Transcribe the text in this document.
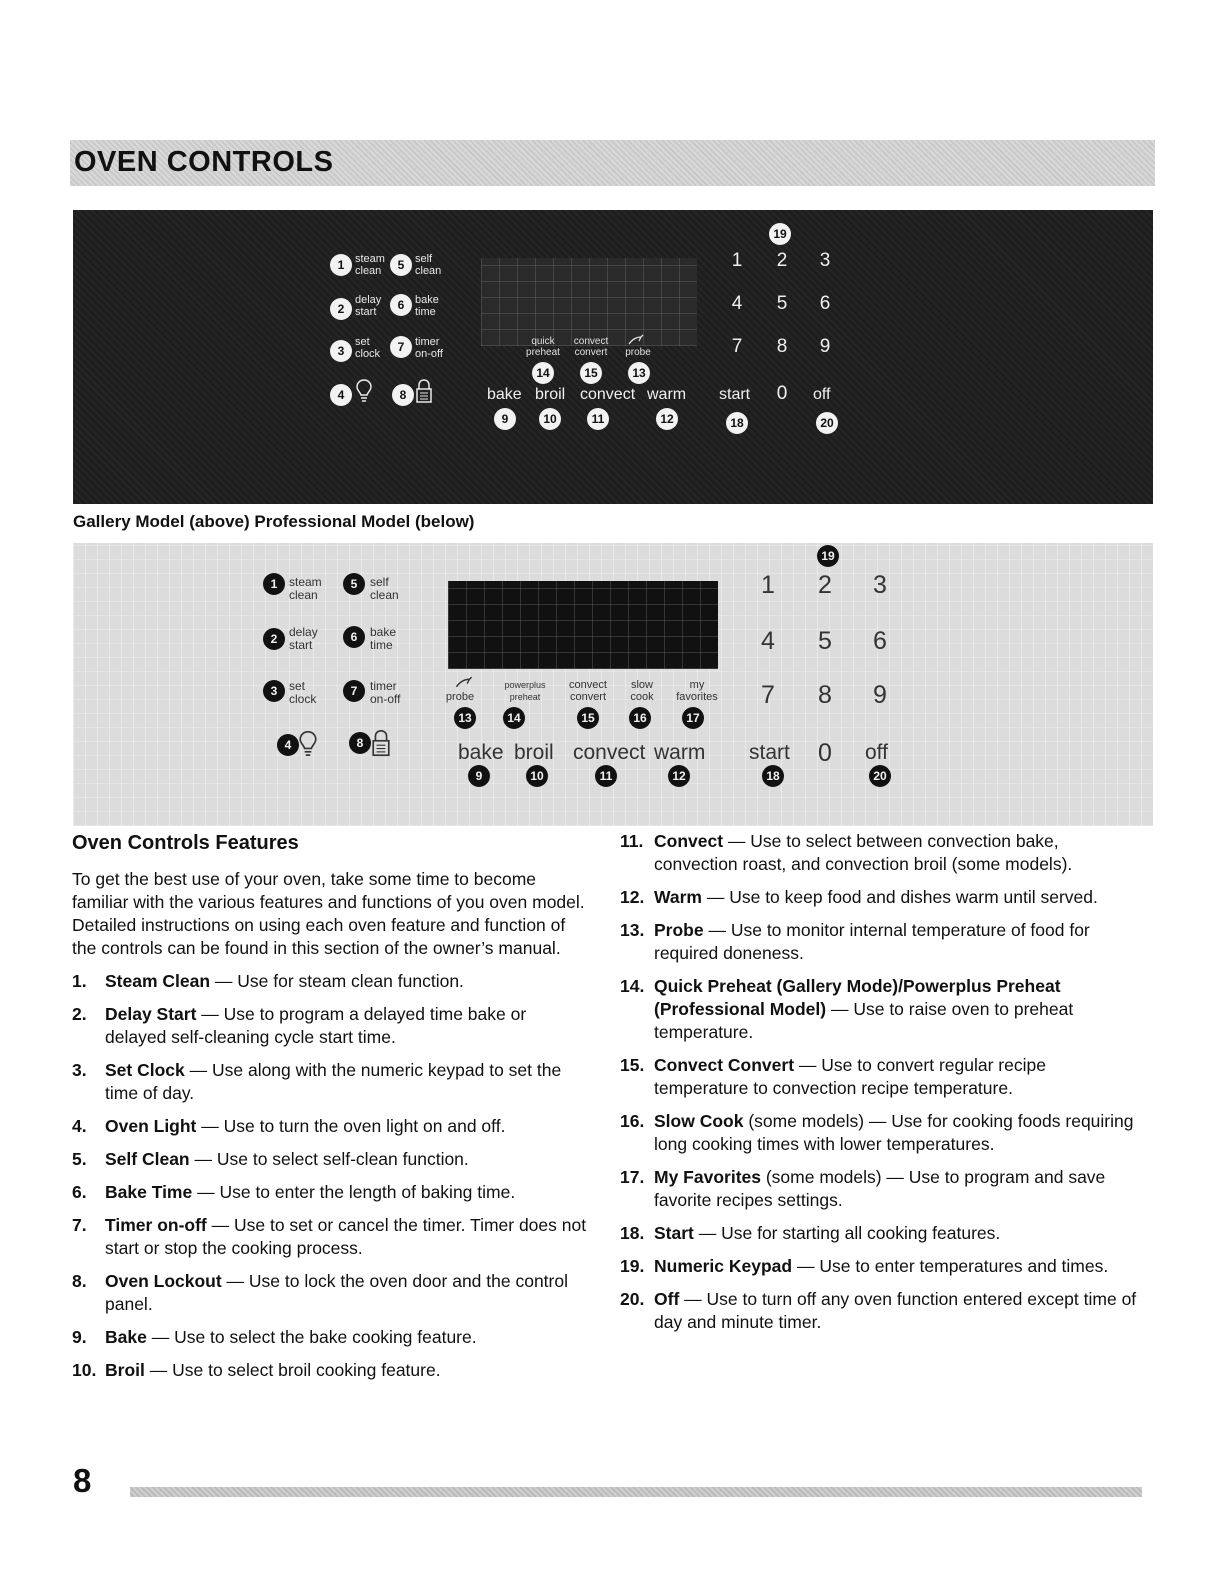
OVEN CONTROLS
1 steam
clean
2
delay
start
3
set
clock
4
5 self
clean
6 bake
time
7 timer
on-off
8
quick
preheat
14
convect
convert
15
probe
13
bake
9
broil
10
convect
11
warm
12
19
1	2	3
4	5	6
7	8	9
start
18
0	off
20
Gallery Model (above) Professional Model (below)
1 steam
clean
2 delay
start
3 set
clock
4
5	self
clean
6	bake
time
7	timer
on-off
8
probe
13
powerplus
preheat
14
convect
convert
15
slow
cook
16
my
favorites
17
bake
9
broil
10
convect
11
warm
12
19
1 2 3
4 5 6
7 8 9
start
18
0 off
20
Oven Controls Features

To get the best use of your oven, take some time to become familiar with the various features and functions of you oven model. Detailed instructions on using each oven feature and function of the controls can be found in this section of the owner’s manual.

1. Steam Clean — Use for steam clean function.
2. Delay Start — Use to program a delayed time bake or delayed self-cleaning cycle start time.
3. Set Clock — Use along with the numeric keypad to set the time of day.
4. Oven Light — Use to turn the oven light on and off.
5. Self Clean — Use to select self-clean function.
6. Bake Time — Use to enter the length of baking time.
7. Timer on-off — Use to set or cancel the timer. Timer does not start or stop the cooking process.
8. Oven Lockout — Use to lock the oven door and the control panel.
9. Bake — Use to select the bake cooking feature.
10. Broil — Use to select broil cooking feature.
11. Convect — Use to select between convection bake, convection roast, and convection broil (some models).
12. Warm — Use to keep food and dishes warm until served.
13. Probe — Use to monitor internal temperature of food for required doneness.
14. Quick Preheat (Gallery Mode)/Powerplus Preheat (Professional Model) — Use to raise oven to preheat temperature.
15. Convect Convert — Use to convert regular recipe temperature to convection recipe temperature.
16. Slow Cook (some models) — Use for cooking foods requiring long cooking times with lower temperatures.
17. My Favorites (some models) — Use to program and save favorite recipes settings.
18. Start — Use for starting all cooking features.
19. Numeric Keypad — Use to enter temperatures and times.
20. Off — Use to turn off any oven function entered except time of day and minute timer.
8
